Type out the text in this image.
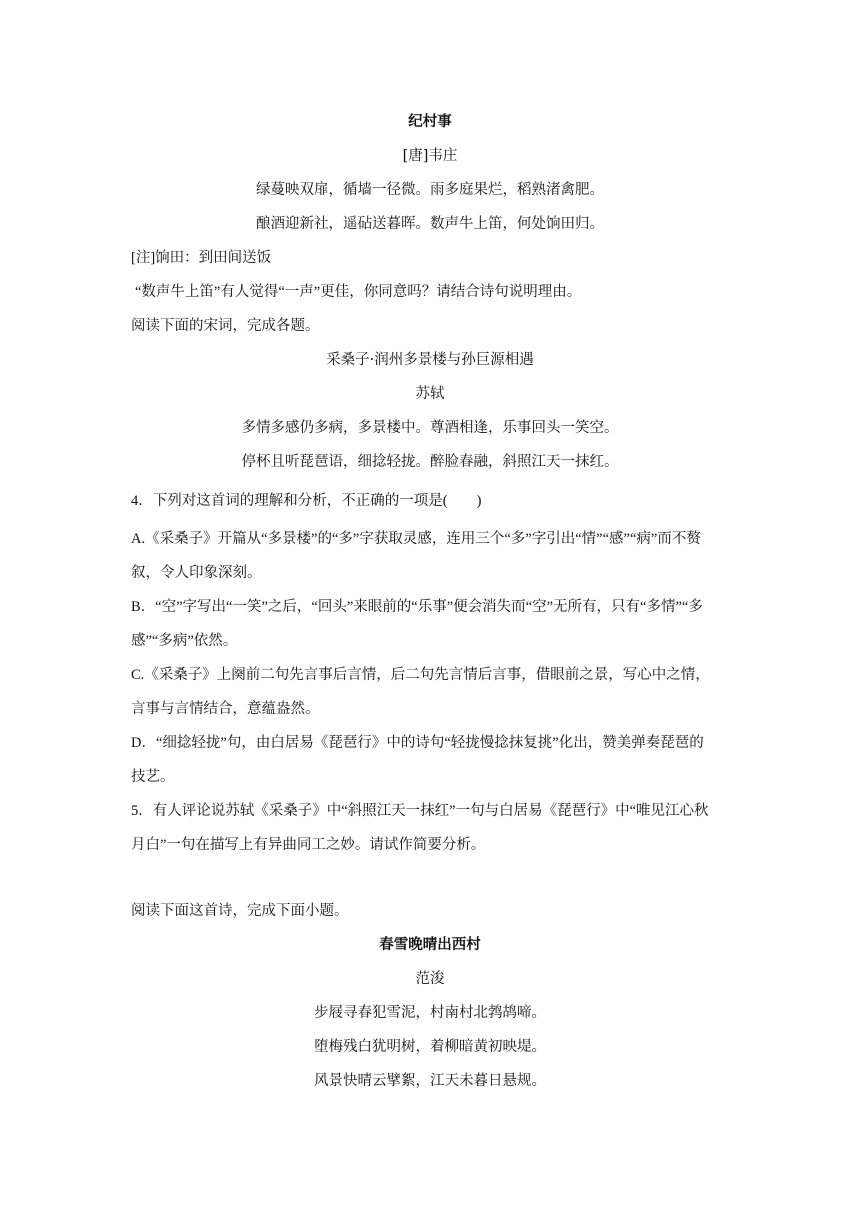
纪村事
[唐]韦庄
绿蔓映双扉，循墙一径微。雨多庭果烂，稻熟渚禽肥。
酿酒迎新社，遥砧送暮晖。数声牛上笛，何处饷田归。
[注]饷田：到田间送饭
“数声牛上笛”有人觉得“一声”更佳，你同意吗？请结合诗句说明理由。
阅读下面的宋词，完成各题。
采桑子·润州多景楼与孙巨源相遇
苏轼
多情多感仍多病，多景楼中。尊酒相逢，乐事回头一笑空。
停杯且听琵琶语，细捻轻拢。醉脸春融，斜照江天一抹红。
4．下列对这首词的理解和分析，不正确的一项是(　　)
A.《采桑子》开篇从“多景楼”的“多”字获取灵感，连用三个“多”字引出“情”“感”“病”而不赘
叙，令人印象深刻。
B．“空”字写出“一笑”之后，“回头”来眼前的“乐事”便会消失而“空”无所有，只有“多情”“多
感”“多病”依然。
C.《采桑子》上阕前二句先言事后言情，后二句先言情后言事，借眼前之景，写心中之情，
言事与言情结合，意蕴盎然。
D．“细捻轻拢”句，由白居易《琵琶行》中的诗句“轻拢慢捻抹复挑”化出，赞美弹奏琵琶的
技艺。
5．有人评论说苏轼《采桑子》中“斜照江天一抹红”一句与白居易《琵琶行》中“唯见江心秋
月白”一句在描写上有异曲同工之妙。请试作简要分析。
阅读下面这首诗，完成下面小题。
春雪晚晴出西村
范浚
步屐寻春犯雪泥，村南村北鹁鸪啼。
堕梅残白犹明树，着柳暗黄初映堤。
风景快晴云擘絮，江天未暮日悬规。
